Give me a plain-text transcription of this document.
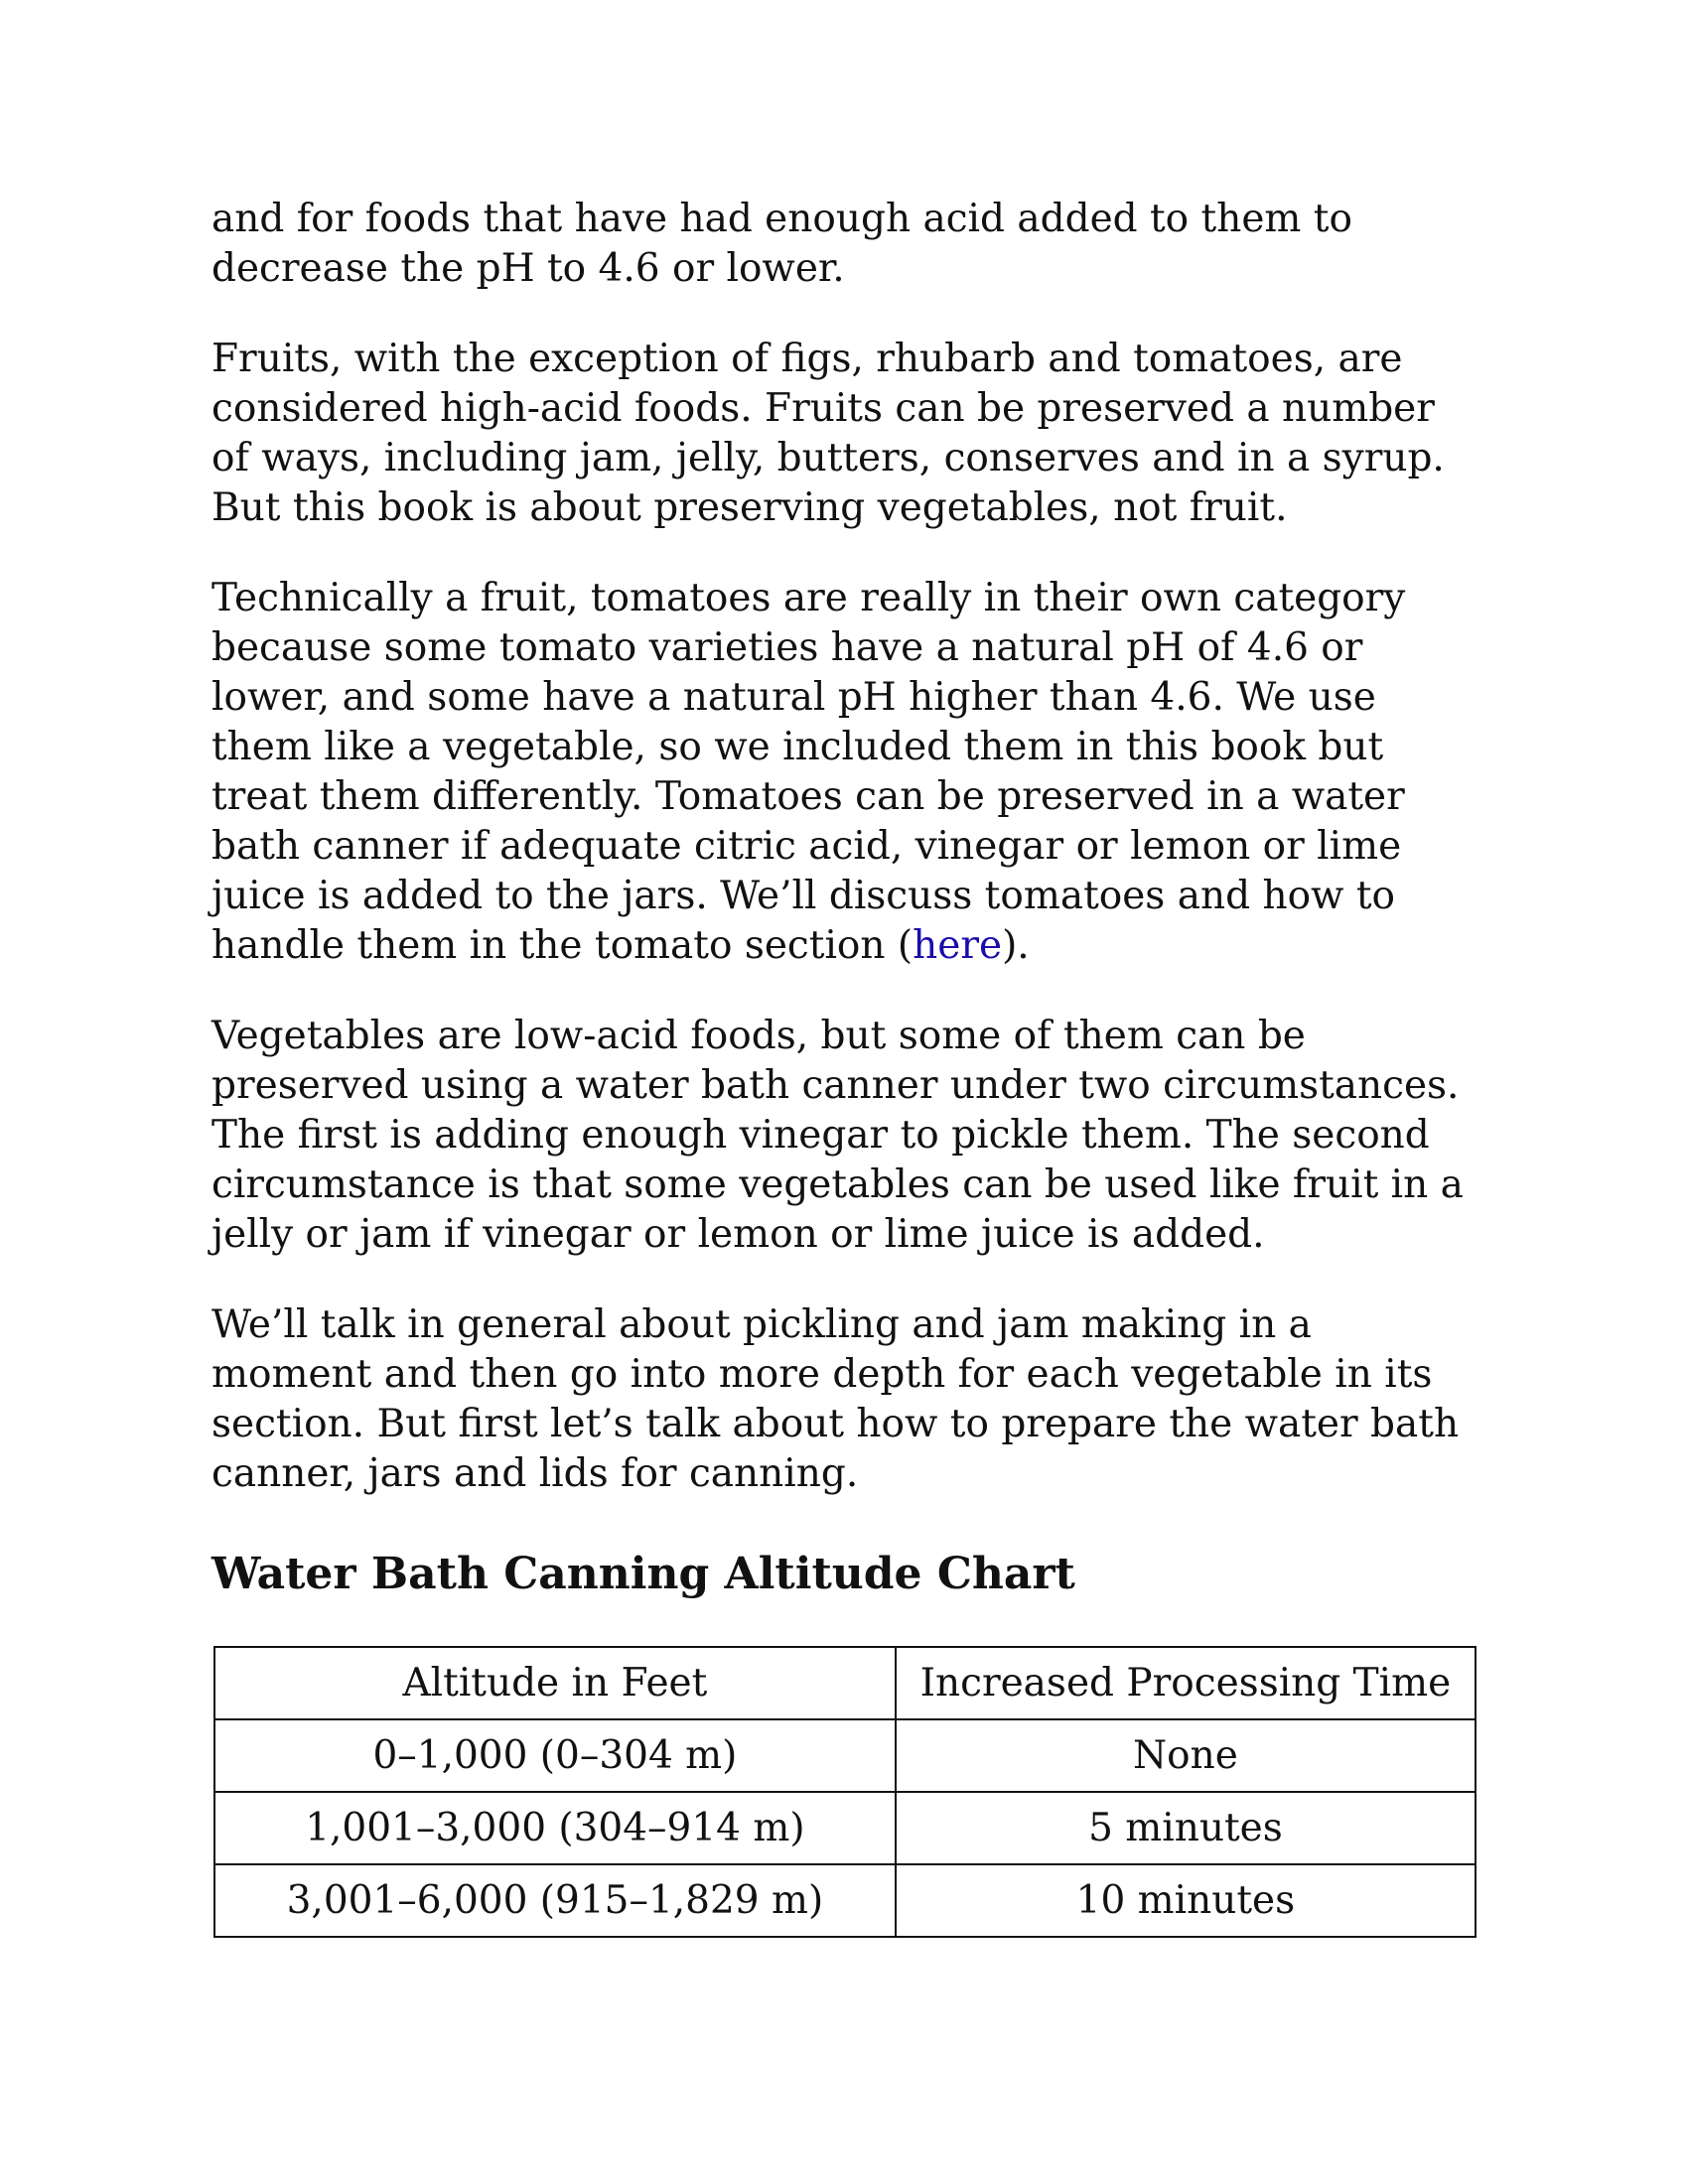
and for foods that have had enough acid added to them to decrease the pH to 4.6 or lower.

Fruits, with the exception of figs, rhubarb and tomatoes, are considered high-acid foods. Fruits can be preserved a number of ways, including jam, jelly, butters, conserves and in a syrup. But this book is about preserving vegetables, not fruit.

Technically a fruit, tomatoes are really in their own category because some tomato varieties have a natural pH of 4.6 or lower, and some have a natural pH higher than 4.6. We use them like a vegetable, so we included them in this book but treat them differently. Tomatoes can be preserved in a water bath canner if adequate citric acid, vinegar or lemon or lime juice is added to the jars. We’ll discuss tomatoes and how to handle them in the tomato section (here).

Vegetables are low-acid foods, but some of them can be preserved using a water bath canner under two circumstances. The first is adding enough vinegar to pickle them. The second circumstance is that some vegetables can be used like fruit in a jelly or jam if vinegar or lemon or lime juice is added.

We’ll talk in general about pickling and jam making in a moment and then go into more depth for each vegetable in its section. But first let’s talk about how to prepare the water bath canner, jars and lids for canning.

Water Bath Canning Altitude Chart
Altitude in Feet	Increased Processing Time
0–1,000 (0–304 m)	None
1,001–3,000 (304–914 m)	5 minutes
3,001–6,000 (915–1,829 m)	10 minutes
